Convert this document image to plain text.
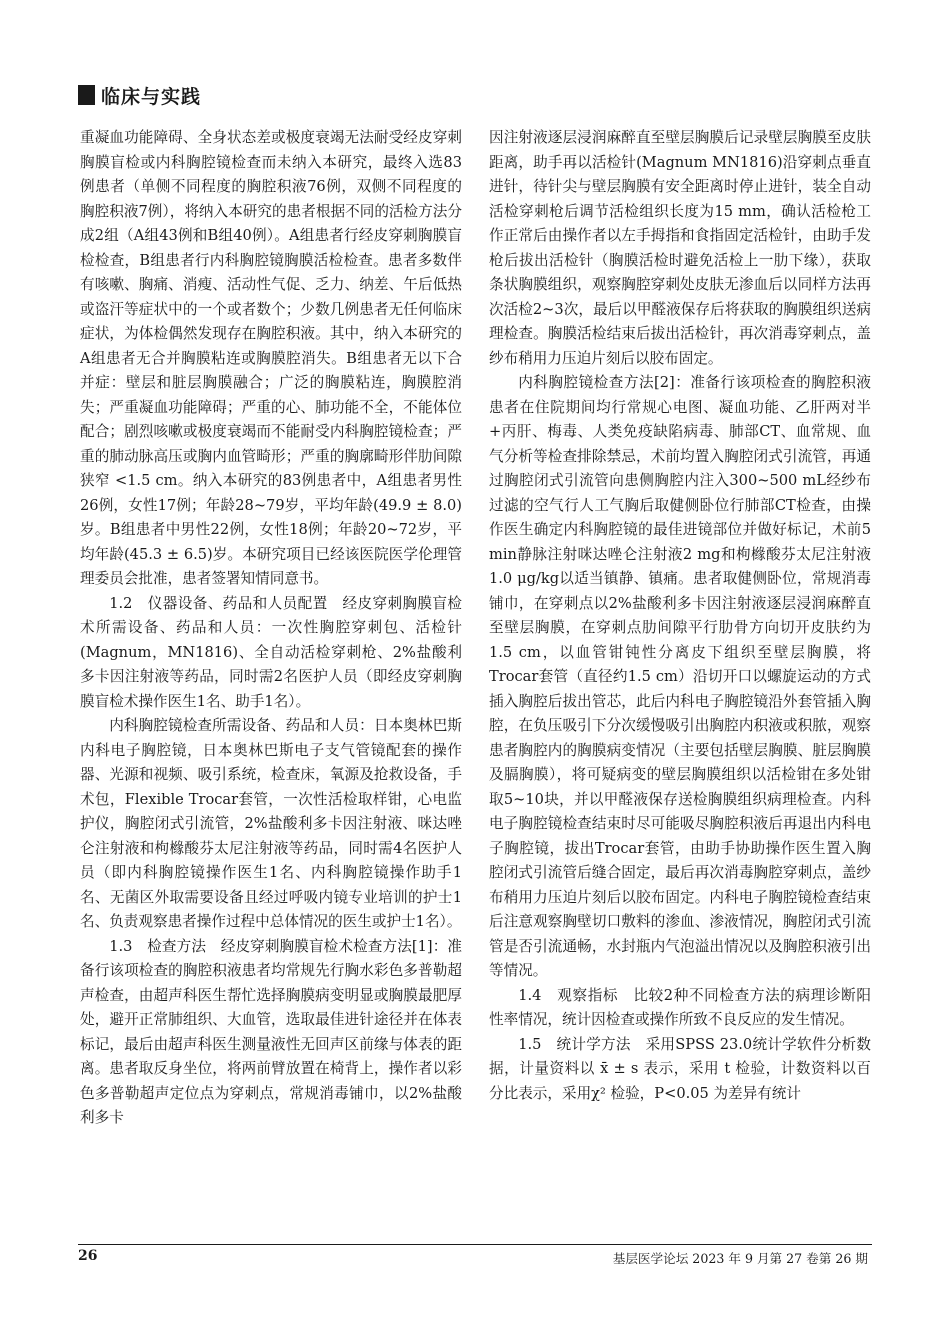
临床与实践

重凝血功能障碍、全身状态差或极度衰竭无法耐受经皮穿刺胸膜盲检或内科胸腔镜检查而未纳入本研究，最终入选83例患者（单侧不同程度的胸腔积液76例，双侧不同程度的胸腔积液7例），将纳入本研究的患者根据不同的活检方法分成2组（A组43例和B组40例）。A组患者行经皮穿刺胸膜盲检检查，B组患者行内科胸腔镜胸膜活检检查。患者多数伴有咳嗽、胸痛、消瘦、活动性气促、乏力、纳差、午后低热或盗汗等症状中的一个或者数个；少数几例患者无任何临床症状，为体检偶然发现存在胸腔积液。其中，纳入本研究的A组患者无合并胸膜粘连或胸膜腔消失。B组患者无以下合并症：壁层和脏层胸膜融合；广泛的胸膜粘连，胸膜腔消失；严重凝血功能障碍；严重的心、肺功能不全，不能体位配合；剧烈咳嗽或极度衰竭而不能耐受内科胸腔镜检查；严重的肺动脉高压或胸内血管畸形；严重的胸廓畸形伴肋间隙狭窄 <1.5 cm。纳入本研究的83例患者中，A组患者男性26例，女性17例；年龄28~79岁，平均年龄(49.9 ± 8.0)岁。B组患者中男性22例，女性18例；年龄20~72岁，平均年龄(45.3 ± 6.5)岁。本研究项目已经该医院医学伦理管理委员会批准，患者签署知情同意书。

1.2　仪器设备、药品和人员配置　经皮穿刺胸膜盲检术所需设备、药品和人员：一次性胸腔穿刺包、活检针(Magnum，MN1816)、全自动活检穿刺枪、2%盐酸利多卡因注射液等药品，同时需2名医护人员（即经皮穿刺胸膜盲检术操作医生1名、助手1名）。

内科胸腔镜检查所需设备、药品和人员：日本奥林巴斯内科电子胸腔镜，日本奥林巴斯电子支气管镜配套的操作器、光源和视频、吸引系统，检查床，氧源及抢救设备，手术包，Flexible Trocar套管，一次性活检取样钳，心电监护仪，胸腔闭式引流管，2%盐酸利多卡因注射液、咪达唑仑注射液和枸橼酸芬太尼注射液等药品，同时需4名医护人员（即内科胸腔镜操作医生1名、内科胸腔镜操作助手1名、无菌区外取需要设备且经过呼吸内镜专业培训的护士1名、负责观察患者操作过程中总体情况的医生或护士1名）。

1.3　检查方法　经皮穿刺胸膜盲检术检查方法[1]：准备行该项检查的胸腔积液患者均常规先行胸水彩色多普勒超声检查，由超声科医生帮忙选择胸膜病变明显或胸膜最肥厚处，避开正常肺组织、大血管，选取最佳进针途径并在体表标记，最后由超声科医生测量液性无回声区前缘与体表的距离。患者取反身坐位，将两前臂放置在椅背上，操作者以彩色多普勒超声定位点为穿刺点，常规消毒铺巾，以2%盐酸利多卡

因注射液逐层浸润麻醉直至壁层胸膜后记录壁层胸膜至皮肤距离，助手再以活检针(Magnum MN1816)沿穿刺点垂直进针，待针尖与壁层胸膜有安全距离时停止进针，装全自动活检穿刺枪后调节活检组织长度为15 mm，确认活检枪工作正常后由操作者以左手拇指和食指固定活检针，由助手发枪后拔出活检针（胸膜活检时避免活检上一肋下缘），获取条状胸膜组织，观察胸腔穿刺处皮肤无渗血后以同样方法再次活检2~3次，最后以甲醛液保存后将获取的胸膜组织送病理检查。胸膜活检结束后拔出活检针，再次消毒穿刺点，盖纱布稍用力压迫片刻后以胶布固定。

内科胸腔镜检查方法[2]：准备行该项检查的胸腔积液患者在住院期间均行常规心电图、凝血功能、乙肝两对半+丙肝、梅毒、人类免疫缺陷病毒、肺部CT、血常规、血气分析等检查排除禁忌，术前均置入胸腔闭式引流管，再通过胸腔闭式引流管向患侧胸腔内注入300~500 mL经纱布过滤的空气行人工气胸后取健侧卧位行肺部CT检查，由操作医生确定内科胸腔镜的最佳进镜部位并做好标记，术前5 min静脉注射咪达唑仑注射液2 mg和枸橼酸芬太尼注射液1.0 μg/kg以适当镇静、镇痛。患者取健侧卧位，常规消毒铺巾，在穿刺点以2%盐酸利多卡因注射液逐层浸润麻醉直至壁层胸膜，在穿刺点肋间隙平行肋骨方向切开皮肤约为1.5 cm，以血管钳钝性分离皮下组织至壁层胸膜，将Trocar套管（直径约1.5 cm）沿切开口以螺旋运动的方式插入胸腔后拔出管芯，此后内科电子胸腔镜沿外套管插入胸腔，在负压吸引下分次缓慢吸引出胸腔内积液或积脓，观察患者胸腔内的胸膜病变情况（主要包括壁层胸膜、脏层胸膜及膈胸膜），将可疑病变的壁层胸膜组织以活检钳在多处钳取5~10块，并以甲醛液保存送检胸膜组织病理检查。内科电子胸腔镜检查结束时尽可能吸尽胸腔积液后再退出内科电子胸腔镜，拔出Trocar套管，由助手协助操作医生置入胸腔闭式引流管后缝合固定，最后再次消毒胸腔穿刺点，盖纱布稍用力压迫片刻后以胶布固定。内科电子胸腔镜检查结束后注意观察胸壁切口敷料的渗血、渗液情况，胸腔闭式引流管是否引流通畅，水封瓶内气泡溢出情况以及胸腔积液引出等情况。

1.4　观察指标　比较2种不同检查方法的病理诊断阳性率情况，统计因检查或操作所致不良反应的发生情况。

1.5　统计学方法　采用SPSS 23.0统计学软件分析数据，计量资料以 x̄ ± s 表示，采用 t 检验，计数资料以百分比表示，采用χ² 检验，P<0.05 为差异有统计

26	基层医学论坛 2023 年 9 月第 27 卷第 26 期
